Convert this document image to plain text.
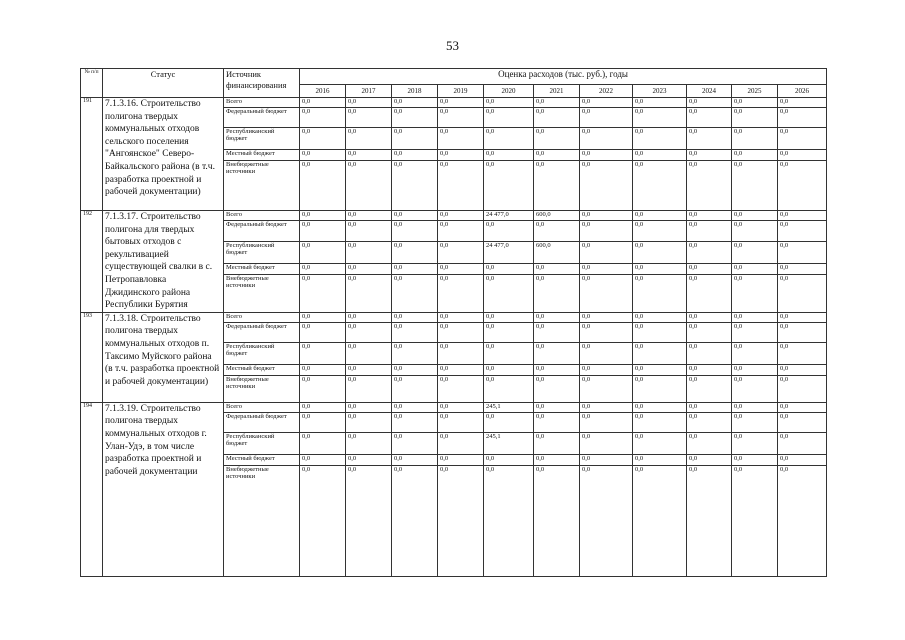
53
№ п/п	Статус	Источник финансирования	Оценка расходов (тыс. руб.), годы										
			2016	2017	2018	2019	2020	2021	2022	2023	2024	2025	2026
191	7.1.3.16. Строительство полигона твердых коммунальных отходов сельского поселения "Ангоянское" Северо-Байкальского района (в т.ч. разработка проектной и рабочей документации)	Всего	0,0	0,0	0,0	0,0	0,0	0,0	0,0	0,0	0,0	0,0	0,0
		Федеральный бюджет	0,0	0,0	0,0	0,0	0,0	0,0	0,0	0,0	0,0	0,0	0,0
		Республиканский бюджет	0,0	0,0	0,0	0,0	0,0	0,0	0,0	0,0	0,0	0,0	0,0
		Местный бюджет	0,0	0,0	0,0	0,0	0,0	0,0	0,0	0,0	0,0	0,0	0,0
		Внебюджетные источники	0,0	0,0	0,0	0,0	0,0	0,0	0,0	0,0	0,0	0,0	0,0
192	7.1.3.17. Строительство полигона для твердых бытовых отходов с рекультивацией существующей свалки в с. Петропавловка Джидинского района Республики Бурятия	Всего	0,0	0,0	0,0	0,0	24 477,0	600,0	0,0	0,0	0,0	0,0	0,0
		Федеральный бюджет	0,0	0,0	0,0	0,0	0,0	0,0	0,0	0,0	0,0	0,0	0,0
		Республиканский бюджет	0,0	0,0	0,0	0,0	24 477,0	600,0	0,0	0,0	0,0	0,0	0,0
		Местный бюджет	0,0	0,0	0,0	0,0	0,0	0,0	0,0	0,0	0,0	0,0	0,0
		Внебюджетные источники	0,0	0,0	0,0	0,0	0,0	0,0	0,0	0,0	0,0	0,0	0,0
193	7.1.3.18. Строительство полигона твердых коммунальных отходов п. Таксимо Муйского района (в т.ч. разработка проектной и рабочей документации)	Всего	0,0	0,0	0,0	0,0	0,0	0,0	0,0	0,0	0,0	0,0	0,0
		Федеральный бюджет	0,0	0,0	0,0	0,0	0,0	0,0	0,0	0,0	0,0	0,0	0,0
		Республиканский бюджет	0,0	0,0	0,0	0,0	0,0	0,0	0,0	0,0	0,0	0,0	0,0
		Местный бюджет	0,0	0,0	0,0	0,0	0,0	0,0	0,0	0,0	0,0	0,0	0,0
		Внебюджетные источники	0,0	0,0	0,0	0,0	0,0	0,0	0,0	0,0	0,0	0,0	0,0
194	7.1.3.19. Строительство полигона твердых коммунальных отходов г. Улан-Удэ, в том числе разработка проектной и рабочей документации	Всего	0,0	0,0	0,0	0,0	245,1	0,0	0,0	0,0	0,0	0,0	0,0
		Федеральный бюджет	0,0	0,0	0,0	0,0	0,0	0,0	0,0	0,0	0,0	0,0	0,0
		Республиканский бюджет	0,0	0,0	0,0	0,0	245,1	0,0	0,0	0,0	0,0	0,0	0,0
		Местный бюджет	0,0	0,0	0,0	0,0	0,0	0,0	0,0	0,0	0,0	0,0	0,0
		Внебюджетные источники	0,0	0,0	0,0	0,0	0,0	0,0	0,0	0,0	0,0	0,0	0,0
